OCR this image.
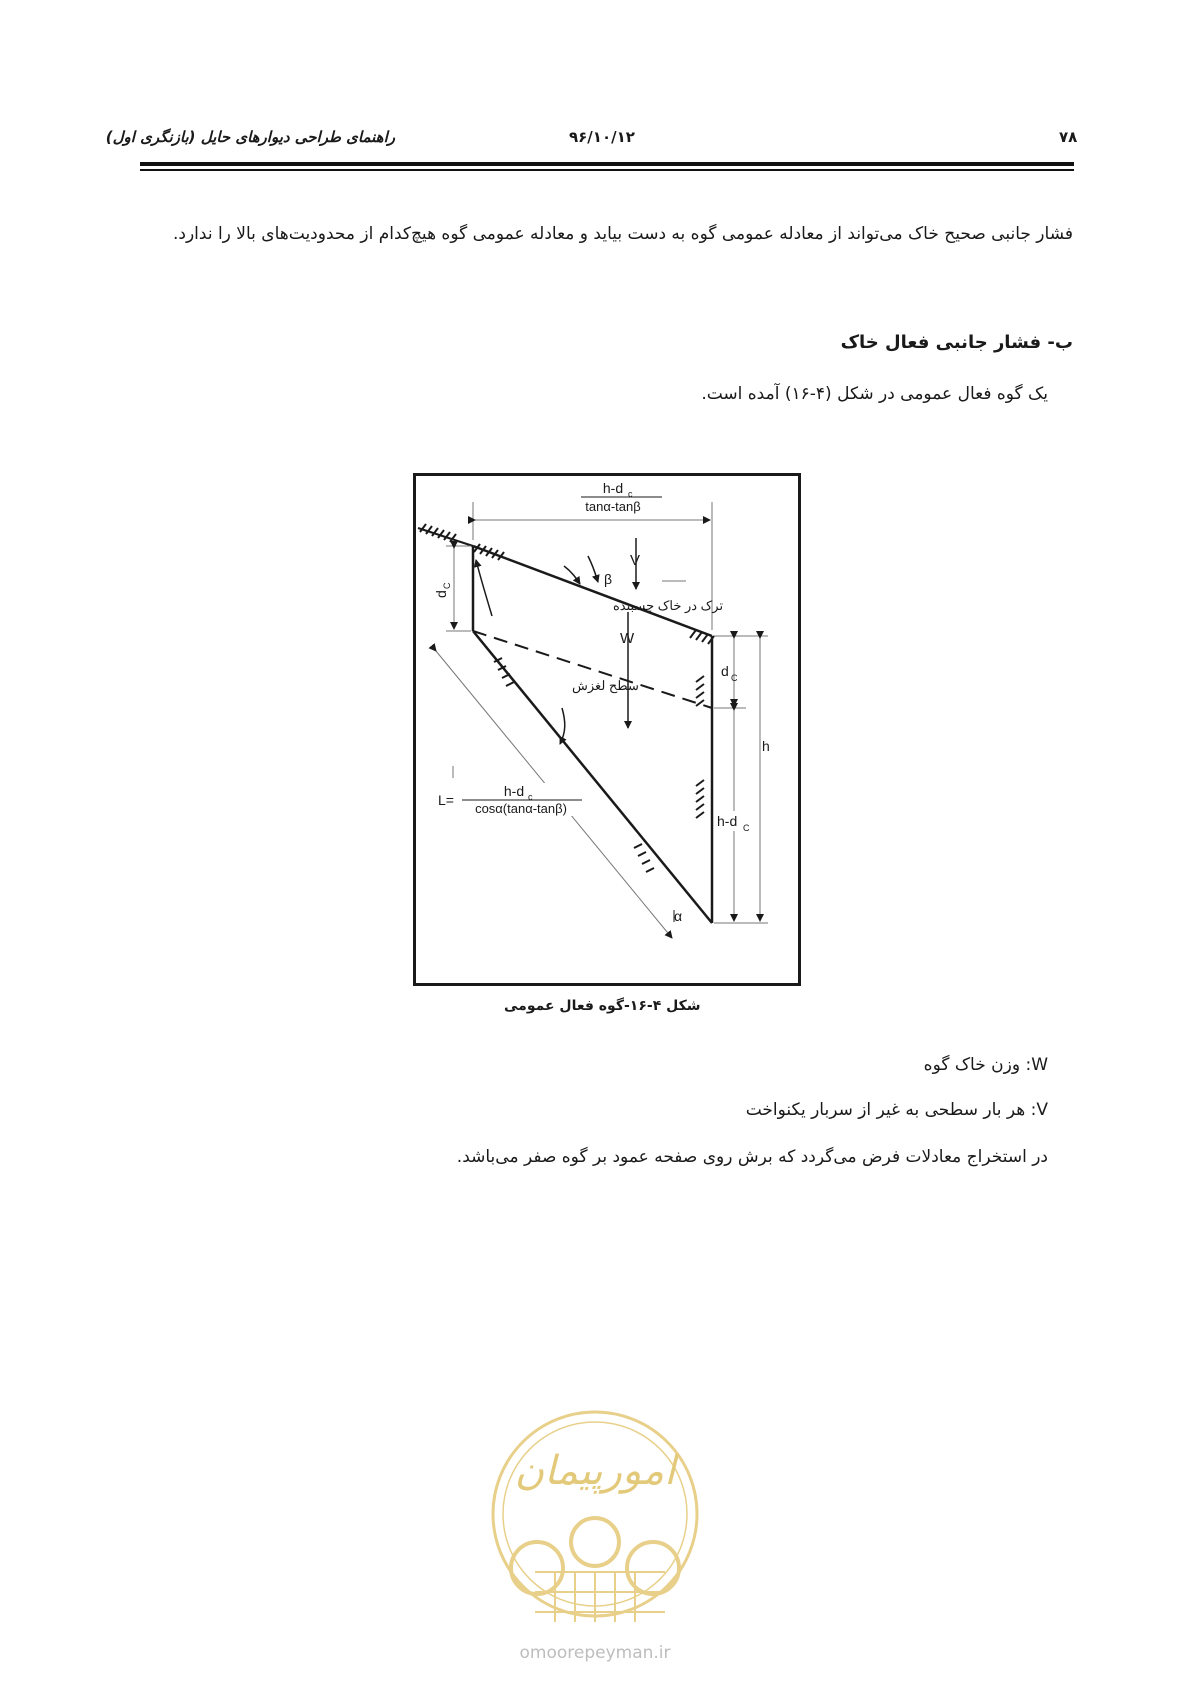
راهنمای طراحی دیوارهای حایل (بازنگری اول)	۹۶/۱۰/۱۲	۷۸
فشار جانبی صحیح خاک می‌تواند از معادله عمومی گوه به دست بیاید و معادله عمومی گوه هیچ‌کدام از محدودیت‌های بالا را ندارد.
ب- فشار جانبی فعال خاک
یک گوه فعال عمومی در شکل (۴-۱۶) آمده است.
h-d c
tanα-tanβ
β
V
W
α
d
C
d C
h
h-d C
ترک در خاک چسبنده
سطح لغزش
L=
h-d c
cosα(tanα-tanβ)
شکل ۴-۱۶-گوه فعال عمومی
W: وزن خاک گوه
V: هر بار سطحی به غیر از سربار یکنواخت
در استخراج معادلات فرض می‌گردد که برش روی صفحه عمود بر گوه صفر می‌باشد.
امورپیمان
omoorepeyman.ir
